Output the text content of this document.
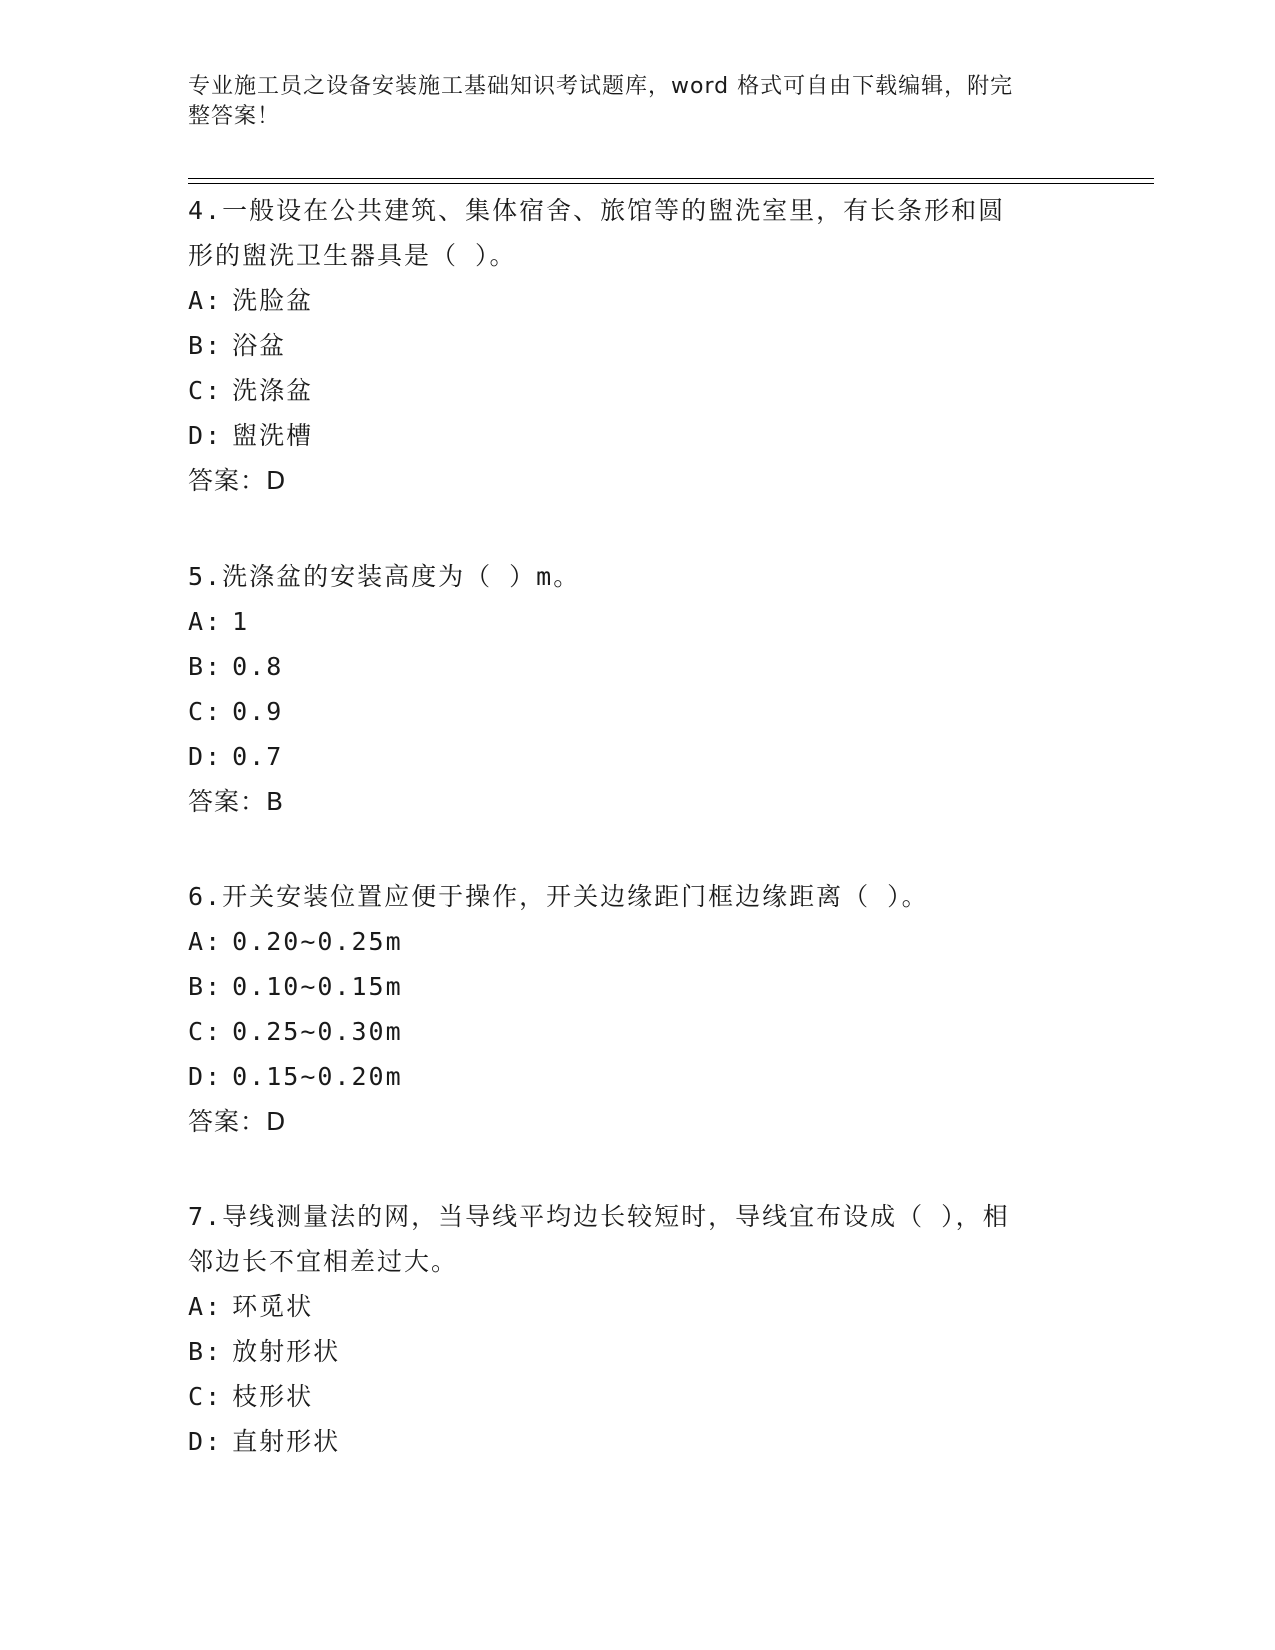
专业施工员之设备安装施工基础知识考试题库，word 格式可自由下载编辑，附完
整答案！
4.一般设在公共建筑、集体宿舍、旅馆等的盥洗室里，有长条形和圆
形的盥洗卫生器具是（ ）。
A: 洗脸盆
B: 浴盆
C: 洗涤盆
D: 盥洗槽
答案：D
5.洗涤盆的安装高度为（ ）m。
A: 1
B: 0.8
C: 0.9
D: 0.7
答案：B
6.开关安装位置应便于操作，开关边缘距门框边缘距离（ ）。
A: 0.20~0.25m
B: 0.10~0.15m
C: 0.25~0.30m
D: 0.15~0.20m
答案：D
7.导线测量法的网，当导线平均边长较短时，导线宜布设成（ ），相
邻边长不宜相差过大。
A: 环觅状
B: 放射形状
C: 枝形状
D: 直射形状
